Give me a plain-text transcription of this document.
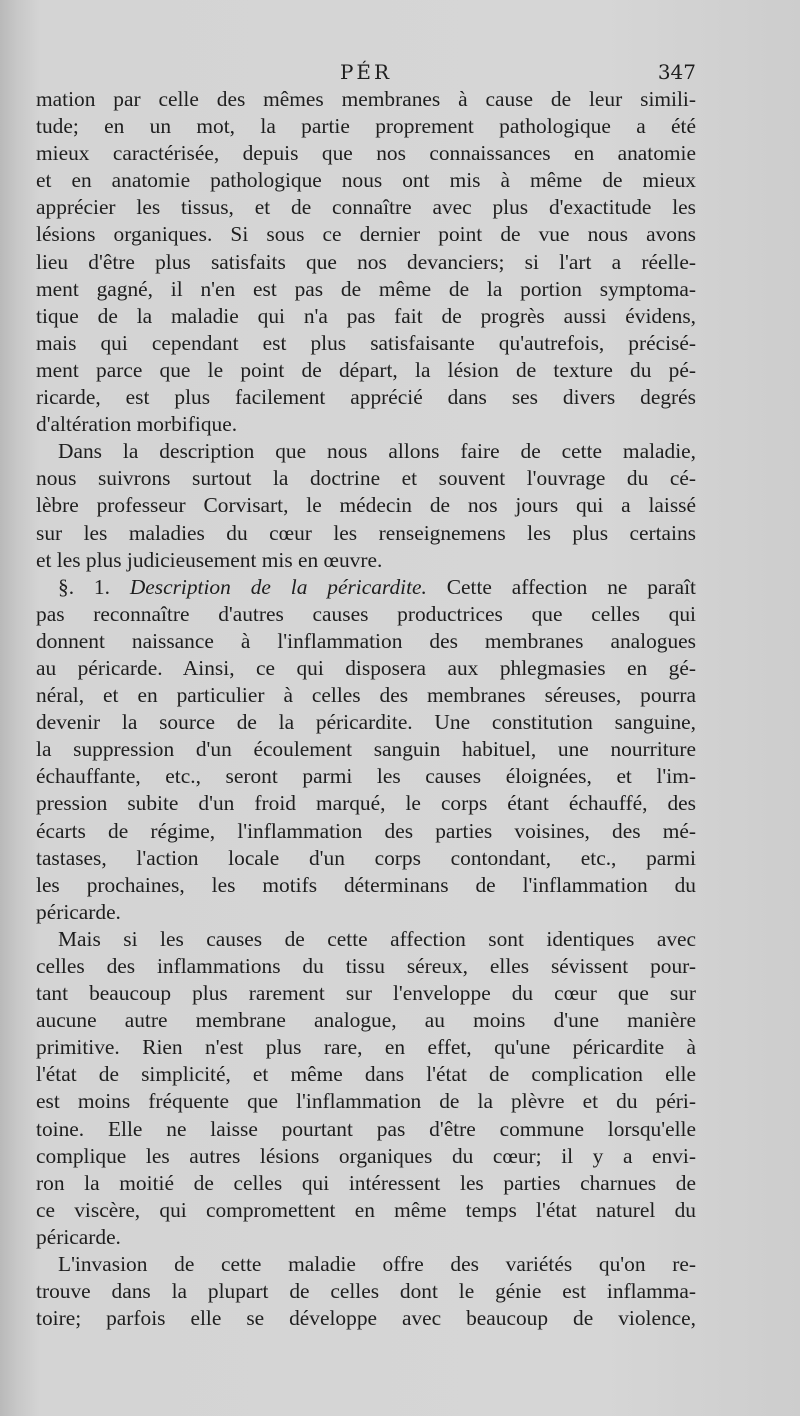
PÉR	347
mation par celle des mêmes membranes à cause de leur simili-
tude; en un mot, la partie proprement pathologique a été
mieux caractérisée, depuis que nos connaissances en anatomie
et en anatomie pathologique nous ont mis à même de mieux
apprécier les tissus, et de connaître avec plus d'exactitude les
lésions organiques. Si sous ce dernier point de vue nous avons
lieu d'être plus satisfaits que nos devanciers; si l'art a réelle-
ment gagné, il n'en est pas de même de la portion symptoma-
tique de la maladie qui n'a pas fait de progrès aussi évidens,
mais qui cependant est plus satisfaisante qu'autrefois, précisé-
ment parce que le point de départ, la lésion de texture du pé-
ricarde, est plus facilement apprécié dans ses divers degrés
d'altération morbifique.
Dans la description que nous allons faire de cette maladie,
nous suivrons surtout la doctrine et souvent l'ouvrage du cé-
lèbre professeur Corvisart, le médecin de nos jours qui a laissé
sur les maladies du cœur les renseignemens les plus certains
et les plus judicieusement mis en œuvre.
§. 1. Description de la péricardite. Cette affection ne paraît
pas reconnaître d'autres causes productrices que celles qui
donnent naissance à l'inflammation des membranes analogues
au péricarde. Ainsi, ce qui disposera aux phlegmasies en gé-
néral, et en particulier à celles des membranes séreuses, pourra
devenir la source de la péricardite. Une constitution sanguine,
la suppression d'un écoulement sanguin habituel, une nourriture
échauffante, etc., seront parmi les causes éloignées, et l'im-
pression subite d'un froid marqué, le corps étant échauffé, des
écarts de régime, l'inflammation des parties voisines, des mé-
tastases, l'action locale d'un corps contondant, etc., parmi
les prochaines, les motifs déterminans de l'inflammation du
péricarde.
Mais si les causes de cette affection sont identiques avec
celles des inflammations du tissu séreux, elles sévissent pour-
tant beaucoup plus rarement sur l'enveloppe du cœur que sur
aucune autre membrane analogue, au moins d'une manière
primitive. Rien n'est plus rare, en effet, qu'une péricardite à
l'état de simplicité, et même dans l'état de complication elle
est moins fréquente que l'inflammation de la plèvre et du péri-
toine. Elle ne laisse pourtant pas d'être commune lorsqu'elle
complique les autres lésions organiques du cœur; il y a envi-
ron la moitié de celles qui intéressent les parties charnues de
ce viscère, qui compromettent en même temps l'état naturel du
péricarde.
L'invasion de cette maladie offre des variétés qu'on re-
trouve dans la plupart de celles dont le génie est inflamma-
toire; parfois elle se développe avec beaucoup de violence,
